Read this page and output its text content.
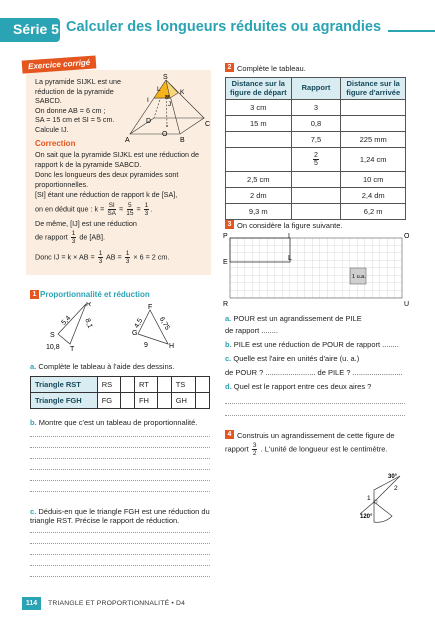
Série 5 Calculer des longueurs réduites ou agrandies
Exercice corrigé
La pyramide SIJKL est une
réduction de la pyramide
SABCD.
On donne AB = 6 cm ;
SA = 15 cm et SI = 5 cm.
Calcule IJ.
S
I
J
K
L
M
A	B
C
D
O
Correction
On sait que la pyramide SIJKL est une réduction de rapport k de la pyramide SABCD.
Donc les longueurs des deux pyramides sont proportionnelles.
[SI] étant une réduction de rapport k de [SA],
on en déduit que : $k = \frac{SI}{SA} = \frac{5}{15} = \frac{1}{3}$ .
De même, [IJ] est une réduction
de rapport $\frac{1}{3}$ de [AB].
Donc IJ = k × AB = $\frac{1}{3}$ AB = $\frac{1}{3} \times 6 = 2$ cm.
1 Proportionnalité et réduction
S
R
T
5,4 8,1
10,8
F
G
H
4,5 6,75
9
a. Complète le tableau à l'aide des dessins.
Triangle RST	RS		RT		TS	
Triangle FGH	FG		FH		GH	
b. Montre que c'est un tableau de proportionnalité.
c. Déduis-en que le triangle FGH est une réduction du triangle RST. Précise le rapport de réduction.
2 Complète le tableau.
Distance sur la figure de départ	Rapport	Distance sur la figure d'arrivée
3 cm	3	
15 m	0,8	
	7,5	225 mm

	$\frac{2}{5}$	1,24 cm
2,5 cm		10 cm
2 dm		2,4 dm
9,3 m		6,2 m
3 On considère la figure suivante.
1 u.a.
P	I	O
E
L
R	U
a. POUR est un agrandissement de PILE
de rapport ........
b. PILE est une réduction de POUR de rapport ........
c. Quelle est l'aire en unités d'aire (u. a.)
de POUR ? ........................ de PILE ? ........................
d. Quel est le rapport entre ces deux aires ?
4 Construis un agrandissement de cette figure de
rapport $\frac{3}{2}$ . L'unité de longueur est le centimètre.
30°
120°
2
1
114	TRIANGLE ET PROPORTIONNALITÉ • D4
